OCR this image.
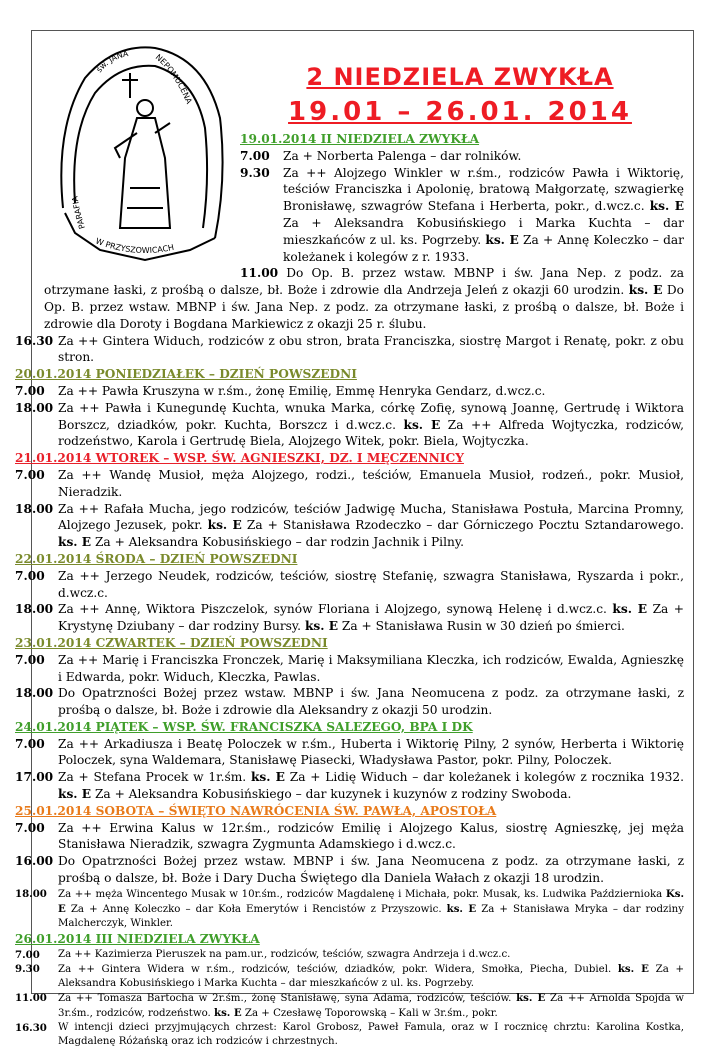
PARAFIA
św. JANA	NEPOMUCENA
W PRZYSZOWICACH
2 NIEDZIELA ZWYKŁA
19.01 – 26.01. 2014
19.01.2014 II NIEDZIELA ZWYKŁA
7.00	Za + Norberta Palenga – dar rolników.
9.30	Za ++ Alojzego Winkler w r.śm., rodziców Pawła i Wiktorię, teściów Franciszka i Apolonię, bratową Małgorzatę, szwagierkę Bronisławę, szwagrów Stefana i Herberta, pokr., d.wcz.c. ks. E Za + Aleksandra Kobusińskiego i Marka Kuchta – dar mieszkańców z ul. ks. Pogrzeby. ks. E Za + Annę Koleczko – dar koleżanek i kolegów z r. 1933.
11.00 Do Op. B. przez wstaw. MBNP i św. Jana Nep. z podz. za otrzymane łaski, z prośbą o dalsze, bł. Boże i zdrowie dla Andrzeja Jeleń z okazji 60 urodzin. ks. E Do Op. B. przez wstaw. MBNP i św. Jana Nep. z podz. za otrzymane łaski, z prośbą o dalsze, bł. Boże i zdrowie dla Doroty i Bogdana Markiewicz z okazji 25 r. ślubu.
16.30 Za ++ Gintera Widuch, rodziców z obu stron, brata Franciszka, siostrę Margot i Renatę, pokr. z obu stron.
20.01.2014 PONIEDZIAŁEK – DZIEŃ POWSZEDNI
7.00	Za ++ Pawła Kruszyna w r.śm., żonę Emilię, Emmę Henryka Gendarz, d.wcz.c.
18.00 Za ++ Pawła i Kunegundę Kuchta, wnuka Marka, córkę Zofię, synową Joannę, Gertrudę i Wiktora Borszcz, dziadków, pokr. Kuchta, Borszcz i d.wcz.c. ks. E Za ++ Alfreda Wojtyczka, rodziców, rodzeństwo, Karola i Gertrudę Biela, Alojzego Witek, pokr. Biela, Wojtyczka.
21.01.2014 WTOREK – WSP. ŚW. AGNIESZKI, DZ. I MĘCZENNICY
7.00	Za ++ Wandę Musioł, męża Alojzego, rodzi., teściów, Emanuela Musioł, rodzeń., pokr. Musioł, Nieradzik.
18.00 Za ++ Rafała Mucha, jego rodziców, teściów Jadwigę Mucha, Stanisława Postuła, Marcina Promny, Alojzego Jezusek, pokr. ks. E Za + Stanisława Rzodeczko – dar Górniczego Pocztu Sztandarowego. ks. E Za + Aleksandra Kobusińskiego – dar rodzin Jachnik i Pilny.
22.01.2014 ŚRODA – DZIEŃ POWSZEDNI
7.00	Za ++ Jerzego Neudek, rodziców, teściów, siostrę Stefanię, szwagra Stanisława, Ryszarda i pokr., d.wcz.c.
18.00 Za ++ Annę, Wiktora Piszczelok, synów Floriana i Alojzego, synową Helenę i d.wcz.c. ks. E Za + Krystynę Dziubany – dar rodziny Bursy. ks. E Za + Stanisława Rusin w 30 dzień po śmierci.
23.01.2014 CZWARTEK – DZIEŃ POWSZEDNI
7.00	Za ++ Marię i Franciszka Fronczek, Marię i Maksymiliana Kleczka, ich rodziców, Ewalda, Agnieszkę i Edwarda, pokr. Widuch, Kleczka, Pawlas.
18.00 Do Opatrzności Bożej przez wstaw. MBNP i św. Jana Neomucena z podz. za otrzymane łaski, z prośbą o dalsze, bł. Boże i zdrowie dla Aleksandry z okazji 50 urodzin.
24.01.2014 PIĄTEK – WSP. ŚW. FRANCISZKA SALEZEGO, BPA I DK
7.00	Za ++ Arkadiusza i Beatę Poloczek w r.śm., Huberta i Wiktorię Pilny, 2 synów, Herberta i Wiktorię Poloczek, syna Waldemara, Stanisławę Piasecki, Władysława Pastor, pokr. Pilny, Poloczek.
17.00 Za + Stefana Procek w 1r.śm. ks. E Za + Lidię Widuch – dar koleżanek i kolegów z rocznika 1932. ks. E Za + Aleksandra Kobusińskiego – dar kuzynek i kuzynów z rodziny Swoboda.
25.01.2014 SOBOTA – ŚWIĘTO NAWRÓCENIA ŚW. PAWŁA, APOSTOŁA
7.00	Za ++ Erwina Kalus w 12r.śm., rodziców Emilię i Alojzego Kalus, siostrę Agnieszkę, jej męża Stanisława Nieradzik, szwagra Zygmunta Adamskiego i d.wcz.c.
16.00 Do Opatrzności Bożej przez wstaw. MBNP i św. Jana Neomucena z podz. za otrzymane łaski, z prośbą o dalsze, bł. Boże i Dary Ducha Świętego dla Daniela Wałach z okazji 18 urodzin.
18.00	Za ++ męża Wincentego Musak w 10r.śm., rodziców Magdalenę i Michała, pokr. Musak, ks. Ludwika Październioka Ks. E Za + Annę Koleczko – dar Koła Emerytów i Rencistów z Przyszowic. ks. E Za + Stanisława Mryka – dar rodziny Malcherczyk, Winkler.
26.01.2014 III NIEDZIELA ZWYKŁA
7.00	Za ++ Kazimierza Pieruszek na pam.ur., rodziców, teściów, szwagra Andrzeja i d.wcz.c.
9.30	Za ++ Gintera Widera w r.śm., rodziców, teściów, dziadków, pokr. Widera, Smołka, Piecha, Dubiel. ks. E Za + Aleksandra Kobusińskiego i Marka Kuchta – dar mieszkańców z ul. ks. Pogrzeby.
11.00	Za ++ Tomasza Bartocha w 2r.śm., żonę Stanisławę, syna Adama, rodziców, teściów. ks. E Za ++ Arnolda Spojda w 3r.śm., rodziców, rodzeństwo. ks. E Za + Czesławę Toporowską – Kali w 3r.śm., pokr.
16.30	W intencji dzieci przyjmujących chrzest: Karol Grobosz, Paweł Famula, oraz w I rocznicę chrztu: Karolina Kostka, Magdalenę Różańską oraz ich rodziców i chrzestnych.
